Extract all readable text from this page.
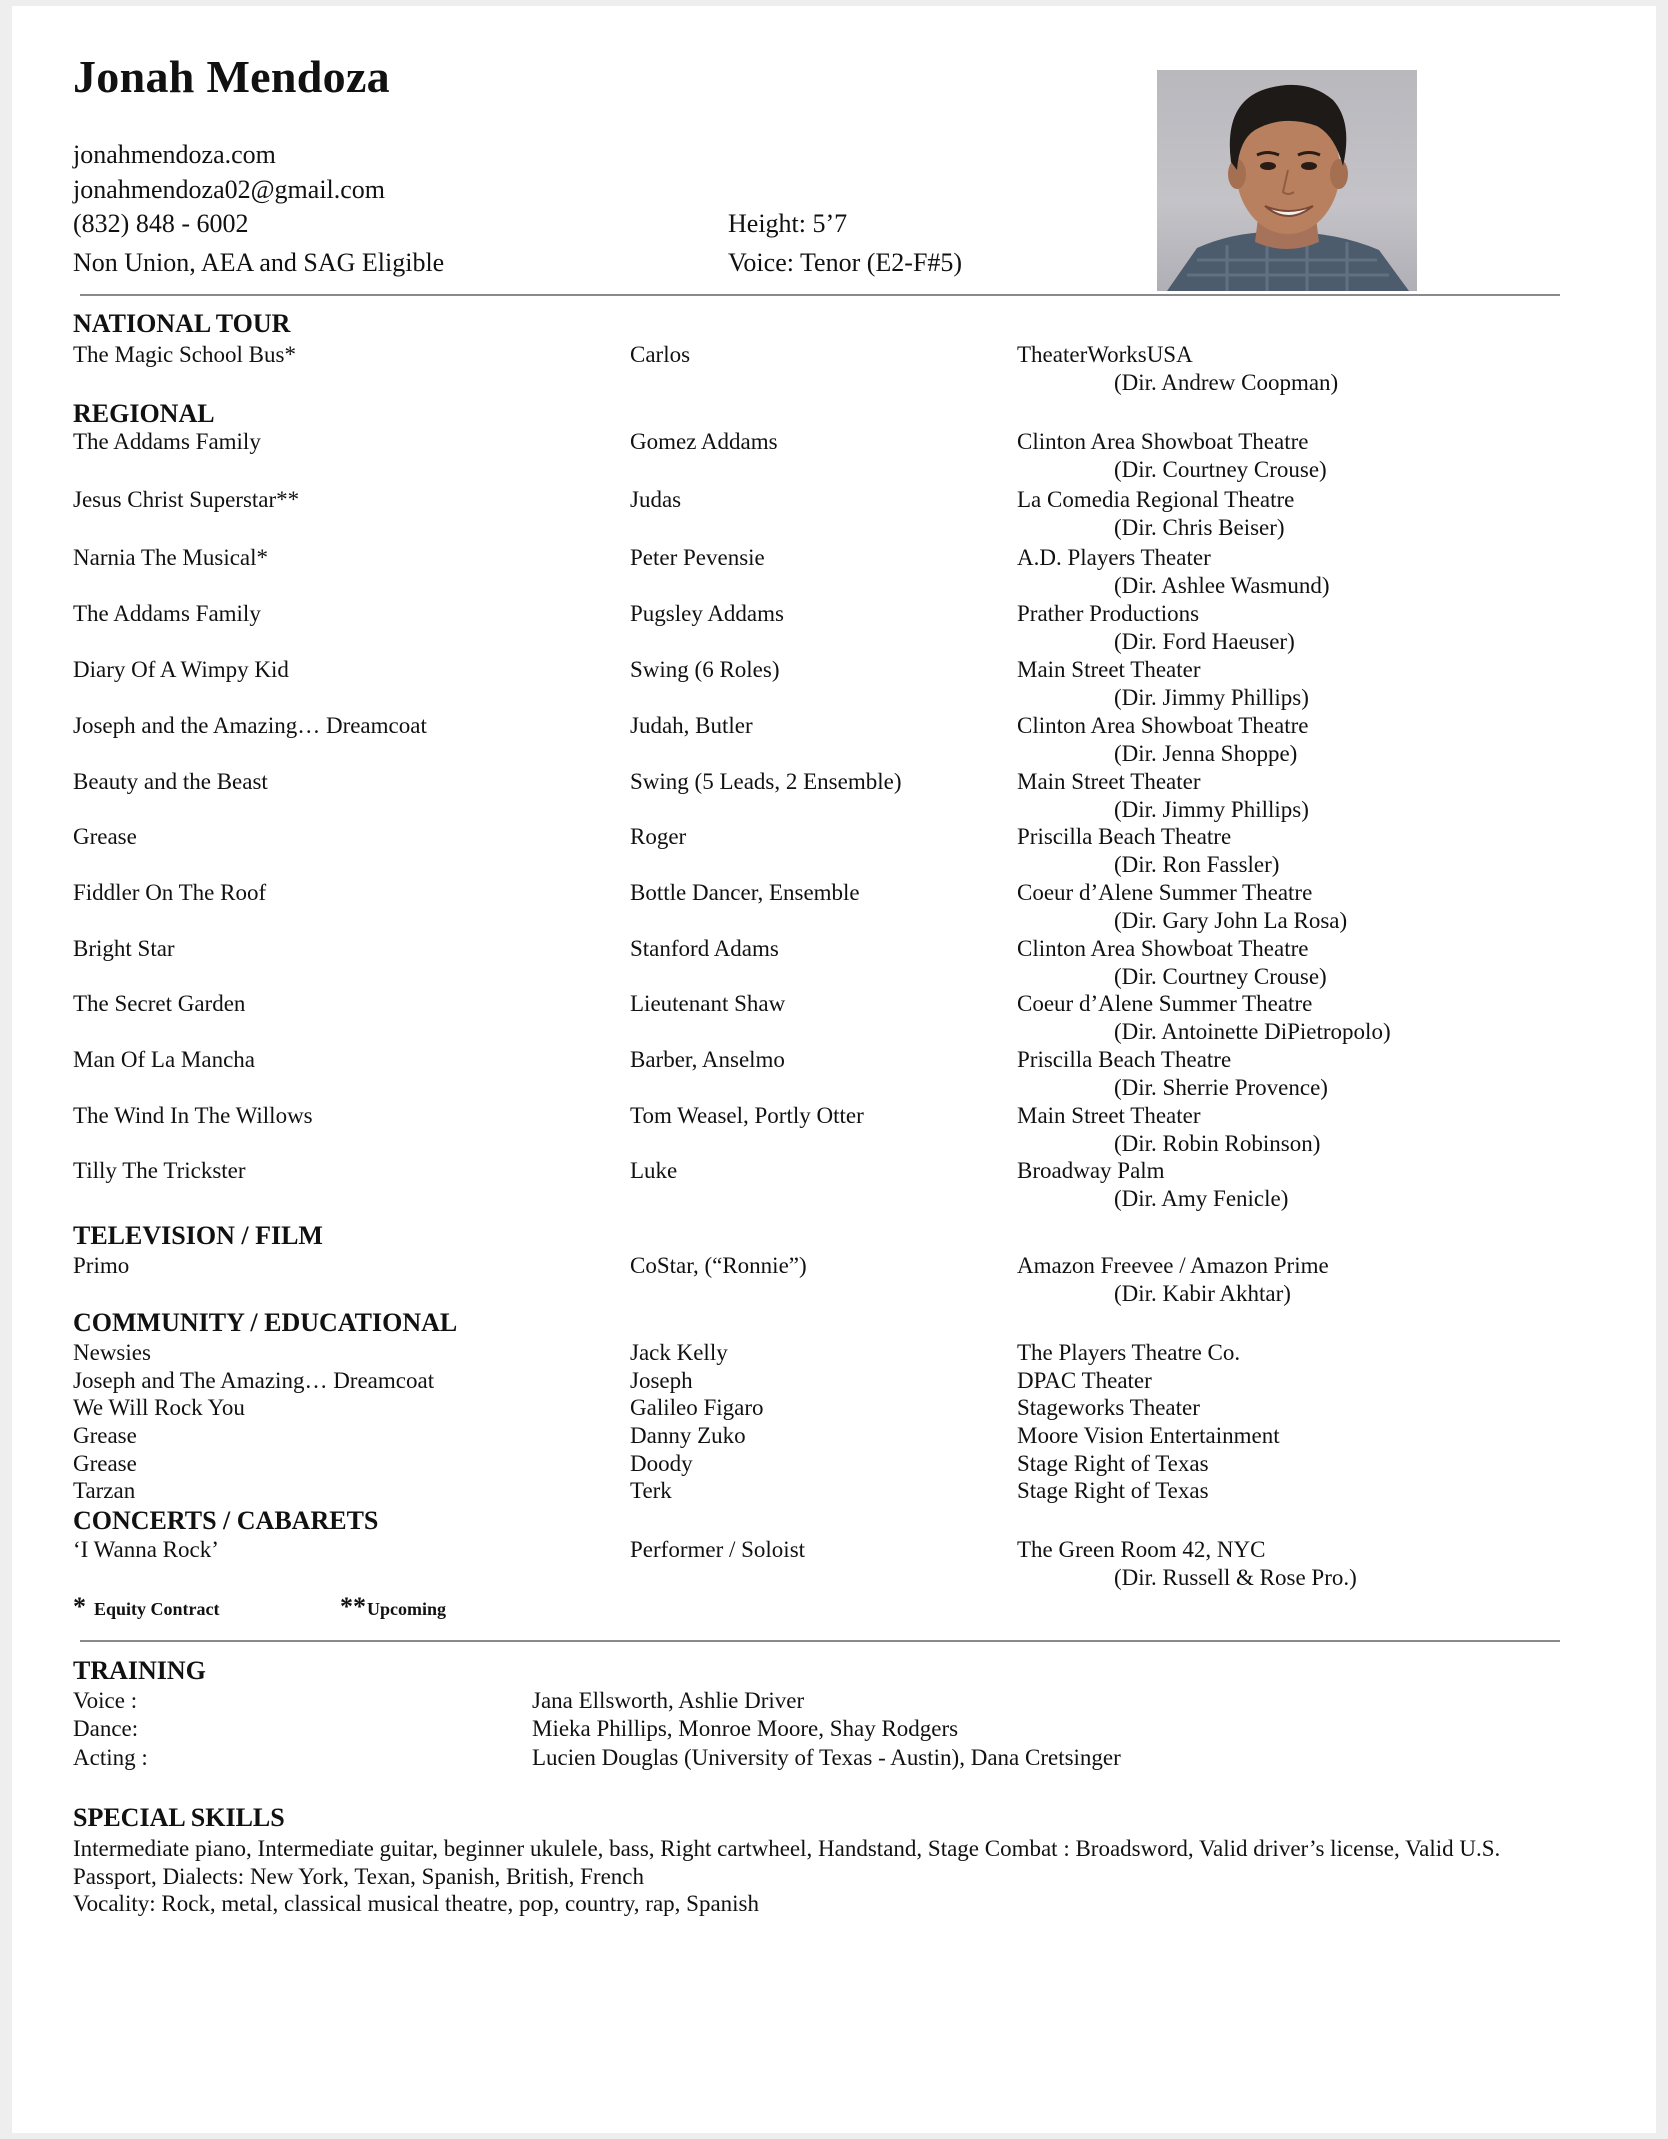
Jonah Mendoza
jonahmendoza.com
jonahmendoza02@gmail.com
(832) 848 - 6002
Non Union, AEA and SAG Eligible
Height: 5’7
Voice: Tenor (E2-F#5)
NATIONAL TOUR
The Magic School Bus*	Carlos	TheaterWorksUSA
(Dir. Andrew Coopman)
REGIONAL
The Addams Family	Gomez Addams	Clinton Area Showboat Theatre
(Dir. Courtney Crouse)
Jesus Christ Superstar**	Judas	La Comedia Regional Theatre
(Dir. Chris Beiser)
Narnia The Musical*	Peter Pevensie	A.D. Players Theater
(Dir. Ashlee Wasmund)
The Addams Family	Pugsley Addams	Prather Productions
(Dir. Ford Haeuser)
Diary Of A Wimpy Kid	Swing (6 Roles)	Main Street Theater
(Dir. Jimmy Phillips)
Joseph and the Amazing… Dreamcoat	Judah, Butler	Clinton Area Showboat Theatre
(Dir. Jenna Shoppe)
Beauty and the Beast	Swing (5 Leads, 2 Ensemble)	Main Street Theater
(Dir. Jimmy Phillips)
Grease	Roger	Priscilla Beach Theatre
(Dir. Ron Fassler)
Fiddler On The Roof	Bottle Dancer, Ensemble	Coeur d’Alene Summer Theatre
(Dir. Gary John La Rosa)
Bright Star	Stanford Adams	Clinton Area Showboat Theatre
(Dir. Courtney Crouse)
The Secret Garden	Lieutenant Shaw	Coeur d’Alene Summer Theatre
(Dir. Antoinette DiPietropolo)
Man Of La Mancha	Barber, Anselmo	Priscilla Beach Theatre
(Dir. Sherrie Provence)
The Wind In The Willows	Tom Weasel, Portly Otter	Main Street Theater
(Dir. Robin Robinson)
Tilly The Trickster	Luke	Broadway Palm
(Dir. Amy Fenicle)
TELEVISION / FILM
Primo	CoStar, (“Ronnie”)	Amazon Freevee / Amazon Prime
(Dir. Kabir Akhtar)
COMMUNITY / EDUCATIONAL
Newsies	Jack Kelly	The Players Theatre Co.
Joseph and The Amazing… Dreamcoat	Joseph	DPAC Theater
We Will Rock You	Galileo Figaro	Stageworks Theater
Grease	Danny Zuko	Moore Vision Entertainment
Grease	Doody	Stage Right of Texas
Tarzan	Terk	Stage Right of Texas
CONCERTS / CABARETS
‘I Wanna Rock’	Performer / Soloist	The Green Room 42, NYC
(Dir. Russell & Rose Pro.)
* Equity Contract	** Upcoming
TRAINING
Voice :	Jana Ellsworth, Ashlie Driver
Dance:	Mieka Phillips, Monroe Moore, Shay Rodgers
Acting :	Lucien Douglas (University of Texas - Austin), Dana Cretsinger
SPECIAL SKILLS
Intermediate piano, Intermediate guitar, beginner ukulele, bass, Right cartwheel, Handstand, Stage Combat : Broadsword, Valid driver’s license, Valid U.S. Passport, Dialects: New York, Texan, Spanish, British, French
Vocality: Rock, metal, classical musical theatre, pop, country, rap, Spanish
